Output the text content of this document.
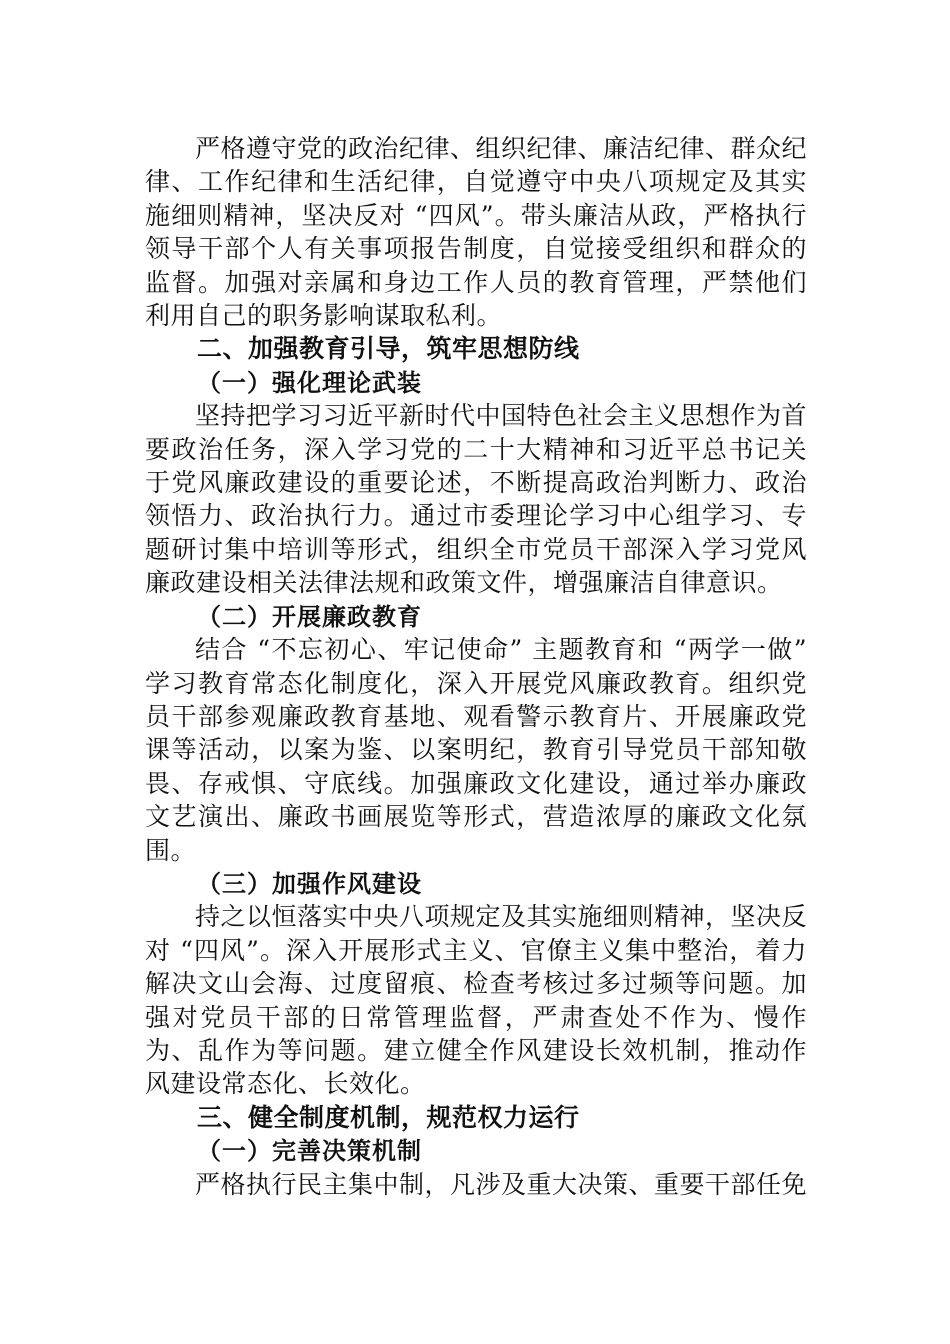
严格遵守党的政治纪律、组织纪律、廉洁纪律、群众纪律、工作纪律和生活纪律，自觉遵守中央八项规定及其实施细则精神，坚决反对 “四风”。带头廉洁从政，严格执行领导干部个人有关事项报告制度，自觉接受组织和群众的监督。加强对亲属和身边工作人员的教育管理，严禁他们利用自己的职务影响谋取私利。

二、加强教育引导，筑牢思想防线

（一）强化理论武装

坚持把学习习近平新时代中国特色社会主义思想作为首要政治任务，深入学习党的二十大精神和习近平总书记关于党风廉政建设的重要论述，不断提高政治判断力、政治领悟力、政治执行力。通过市委理论学习中心组学习、专题研讨集中培训等形式，组织全市党员干部深入学习党风廉政建设相关法律法规和政策文件，增强廉洁自律意识。

（二）开展廉政教育

结合 “不忘初心、牢记使命” 主题教育和 “两学一做” 学习教育常态化制度化，深入开展党风廉政教育。组织党员干部参观廉政教育基地、观看警示教育片、开展廉政党课等活动，以案为鉴、以案明纪，教育引导党员干部知敬畏、存戒惧、守底线。加强廉政文化建设，通过举办廉政文艺演出、廉政书画展览等形式，营造浓厚的廉政文化氛围。

（三）加强作风建设

持之以恒落实中央八项规定及其实施细则精神，坚决反对 “四风”。深入开展形式主义、官僚主义集中整治，着力解决文山会海、过度留痕、检查考核过多过频等问题。加强对党员干部的日常管理监督，严肃查处不作为、慢作为、乱作为等问题。建立健全作风建设长效机制，推动作风建设常态化、长效化。

三、健全制度机制，规范权力运行

（一）完善决策机制

严格执行民主集中制，凡涉及重大决策、重要干部任免
